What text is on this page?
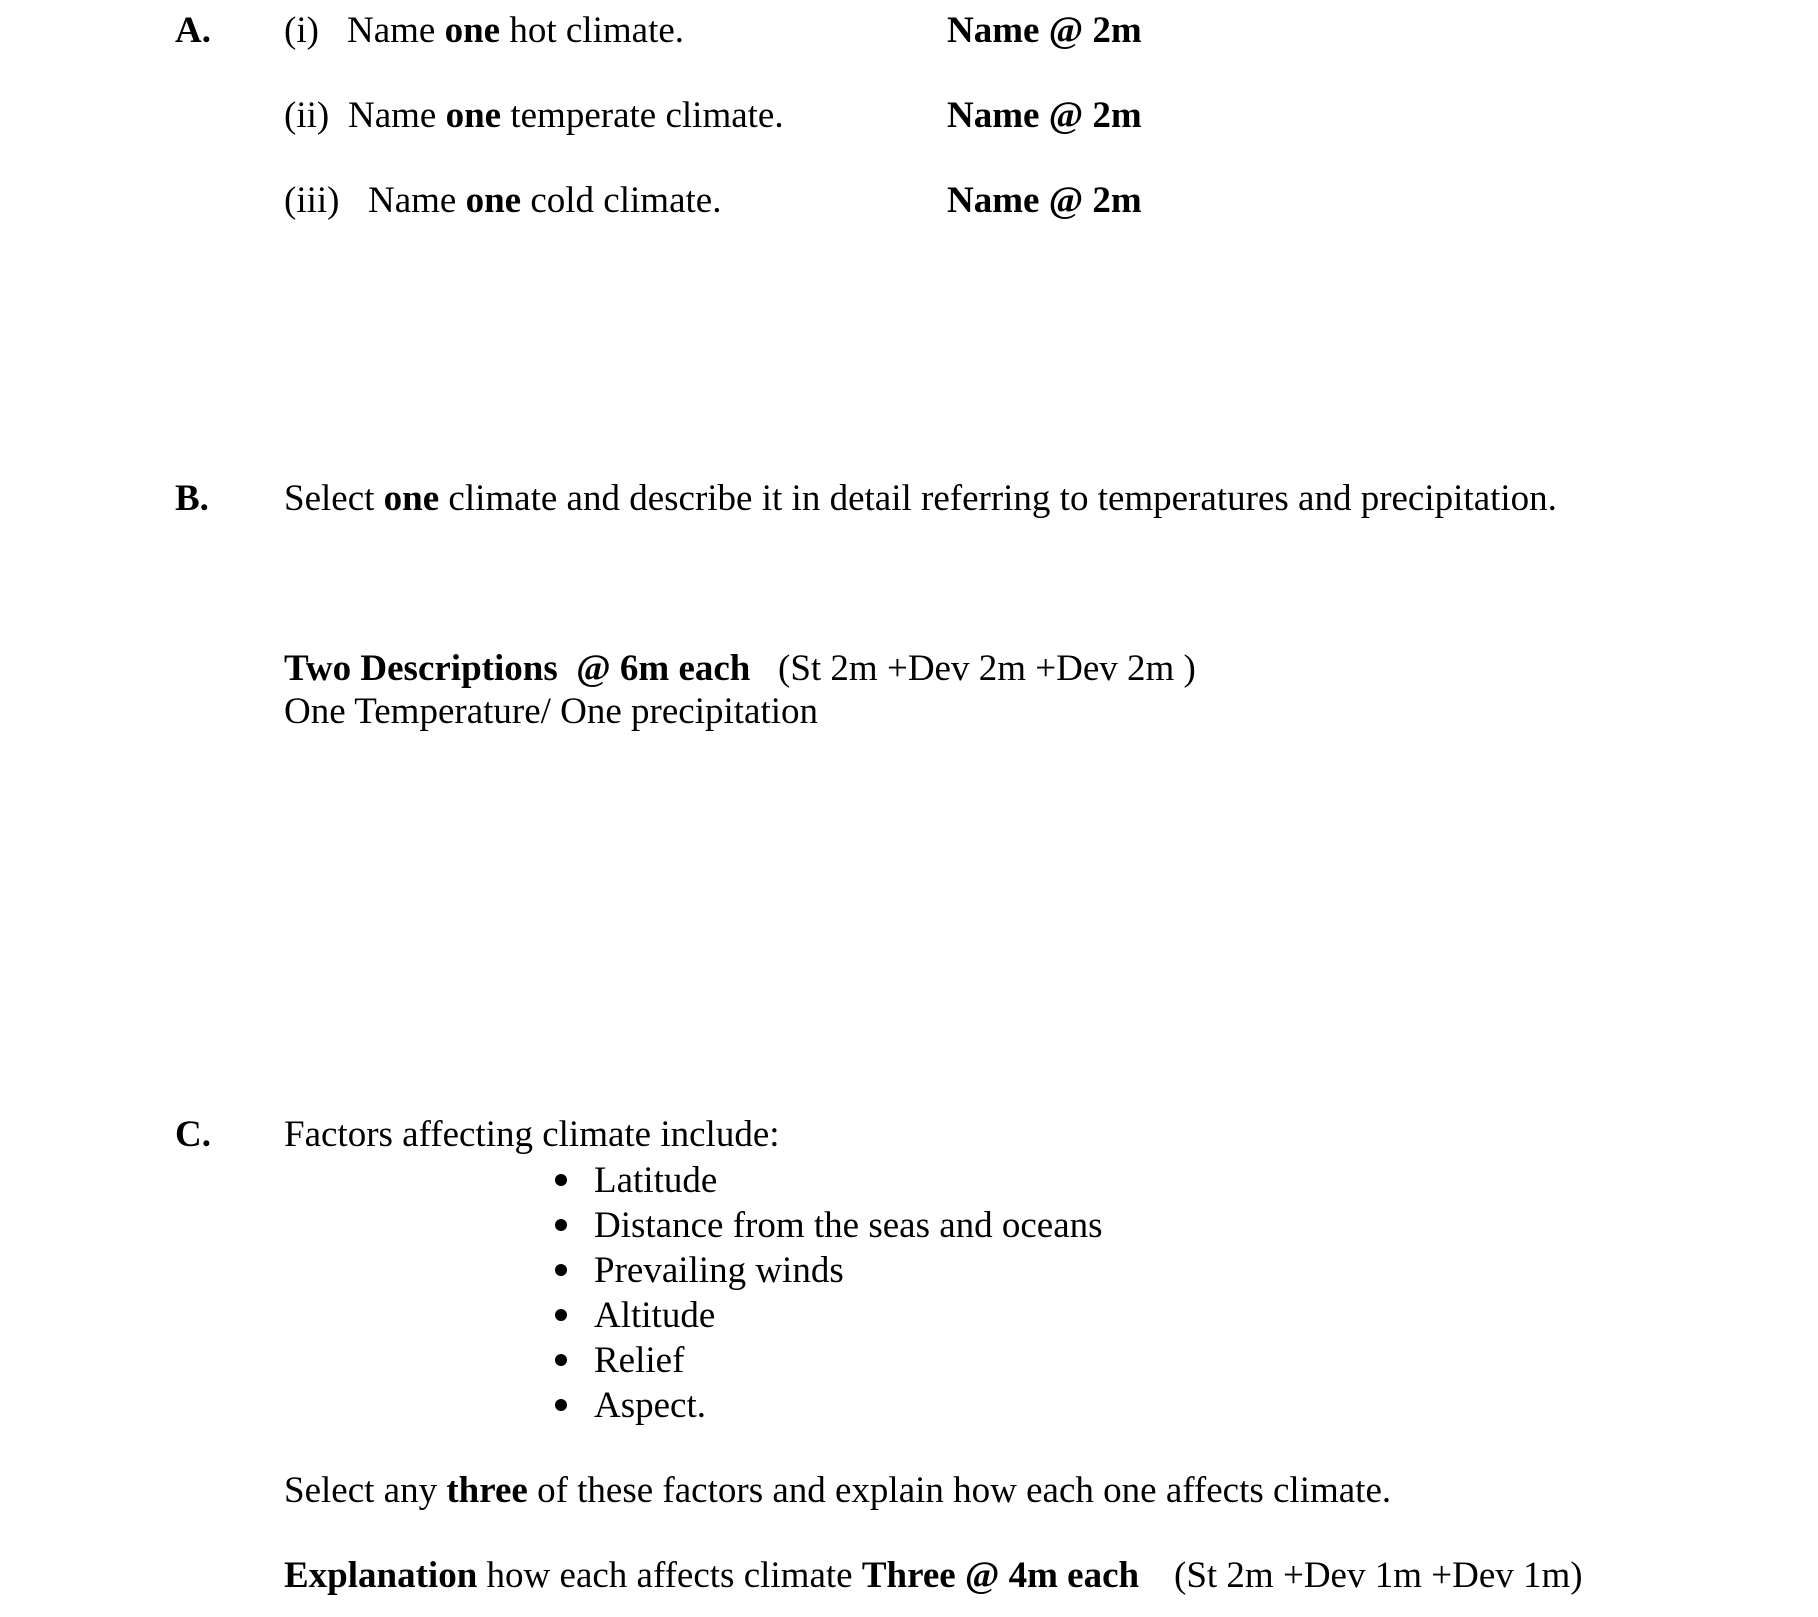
A. (i) Name one hot climate.	Name @ 2m
(ii) Name one temperate climate.	Name @ 2m
(iii) Name one cold climate.	Name @ 2m
B. Select one climate and describe it in detail referring to temperatures and precipitation.
Two Descriptions  @ 6m each (St 2m +Dev 2m +Dev 2m )
One Temperature/ One precipitation
C. Factors affecting climate include:
Latitude
Distance from the seas and oceans
Prevailing winds
Altitude
Relief
Aspect.
Select any three of these factors and explain how each one affects climate.
Explanation how each affects climate Three @ 4m each (St 2m +Dev 1m +Dev 1m)
